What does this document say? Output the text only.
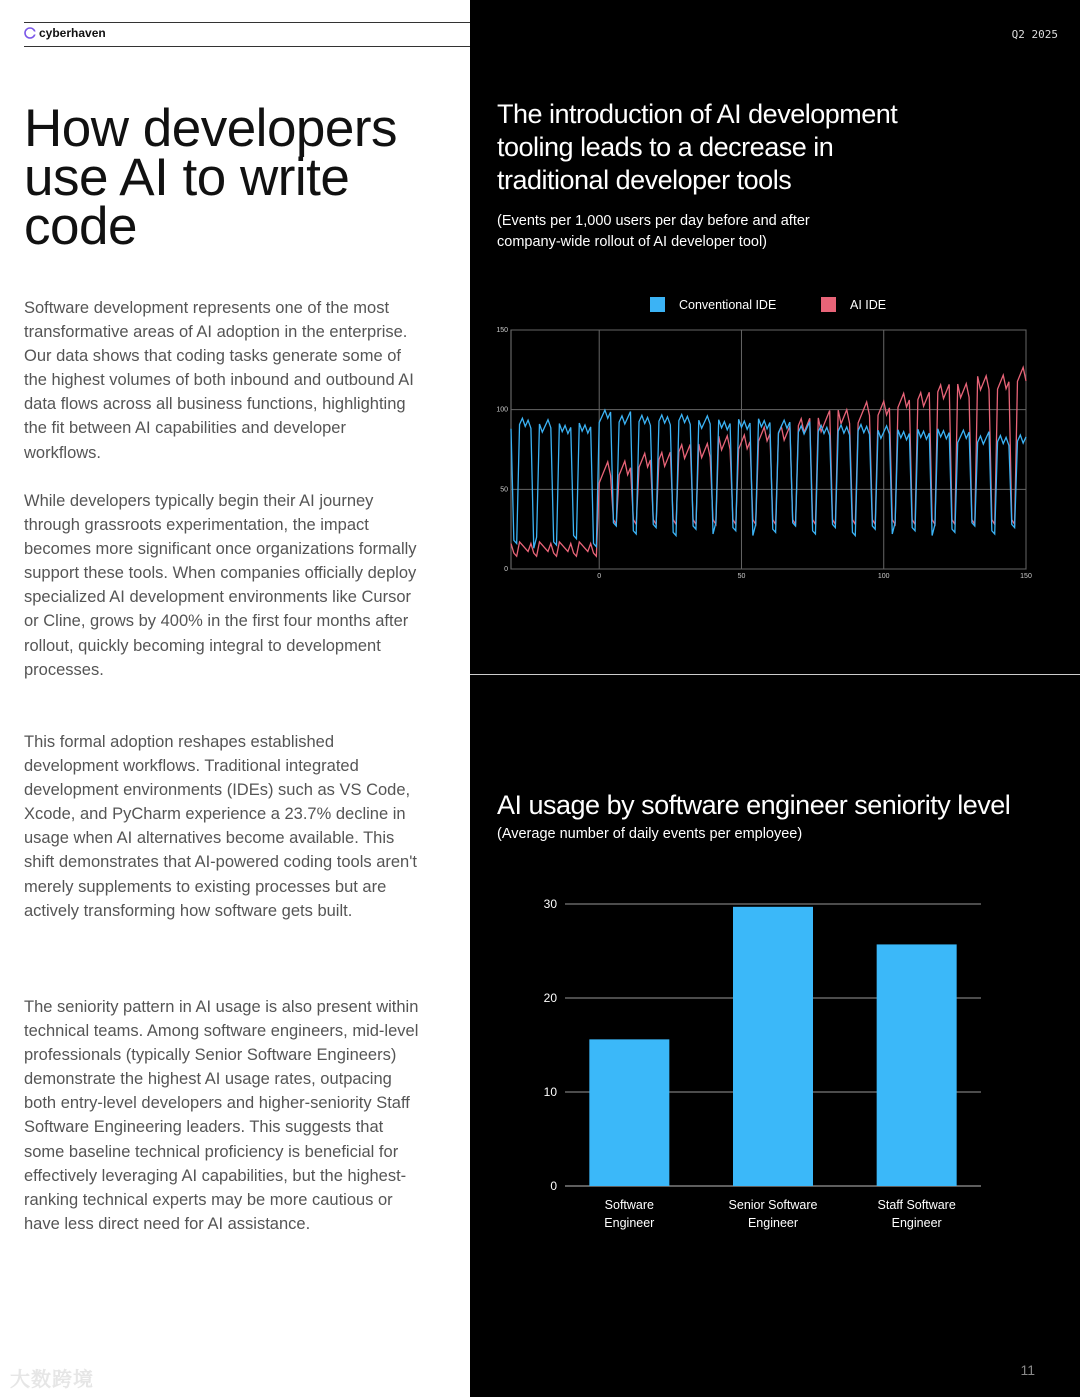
cyberhaven
How developers use AI to write code

Software development represents one of the most transformative areas of AI adoption in the enterprise. Our data shows that coding tasks generate some of the highest volumes of both inbound and outbound AI data flows across all business functions, highlighting the fit between AI capabilities and developer workflows.

While developers typically begin their AI journey through grassroots experimentation, the impact becomes more significant once organizations formally support these tools. When companies officially deploy specialized AI development environments like Cursor or Cline, grows by 400% in the first four months after rollout, quickly becoming integral to development processes.

This formal adoption reshapes established development workflows. Traditional integrated development environments (IDEs) such as VS Code, Xcode, and PyCharm experience a 23.7% decline in usage when AI alternatives become available. This shift demonstrates that AI-powered coding tools aren't merely supplements to existing processes but are actively transforming how software gets built.

The seniority pattern in AI usage is also present within technical teams. Among software engineers, mid-level professionals (typically Senior Software Engineers) demonstrate the highest AI usage rates, outpacing both entry-level developers and higher-seniority Staff Software Engineering leaders. This suggests that some baseline technical proficiency is beneficial for effectively leveraging AI capabilities, but the highest-ranking technical experts may be more cautious or have less direct need for AI assistance.

大数跨境
Q2 2025
The introduction of AI development tooling leads to a decrease in traditional developer tools

(Events per 1,000 users per day before and after company-wide rollout of AI developer tool)

Conventional IDE	AI IDE
0
50
100
150
0	50	100	150
AI usage by software engineer seniority level

(Average number of daily events per employee)

0
10
20
30
Software
Engineer
Senior Software
Engineer
Staff Software
Engineer
11
